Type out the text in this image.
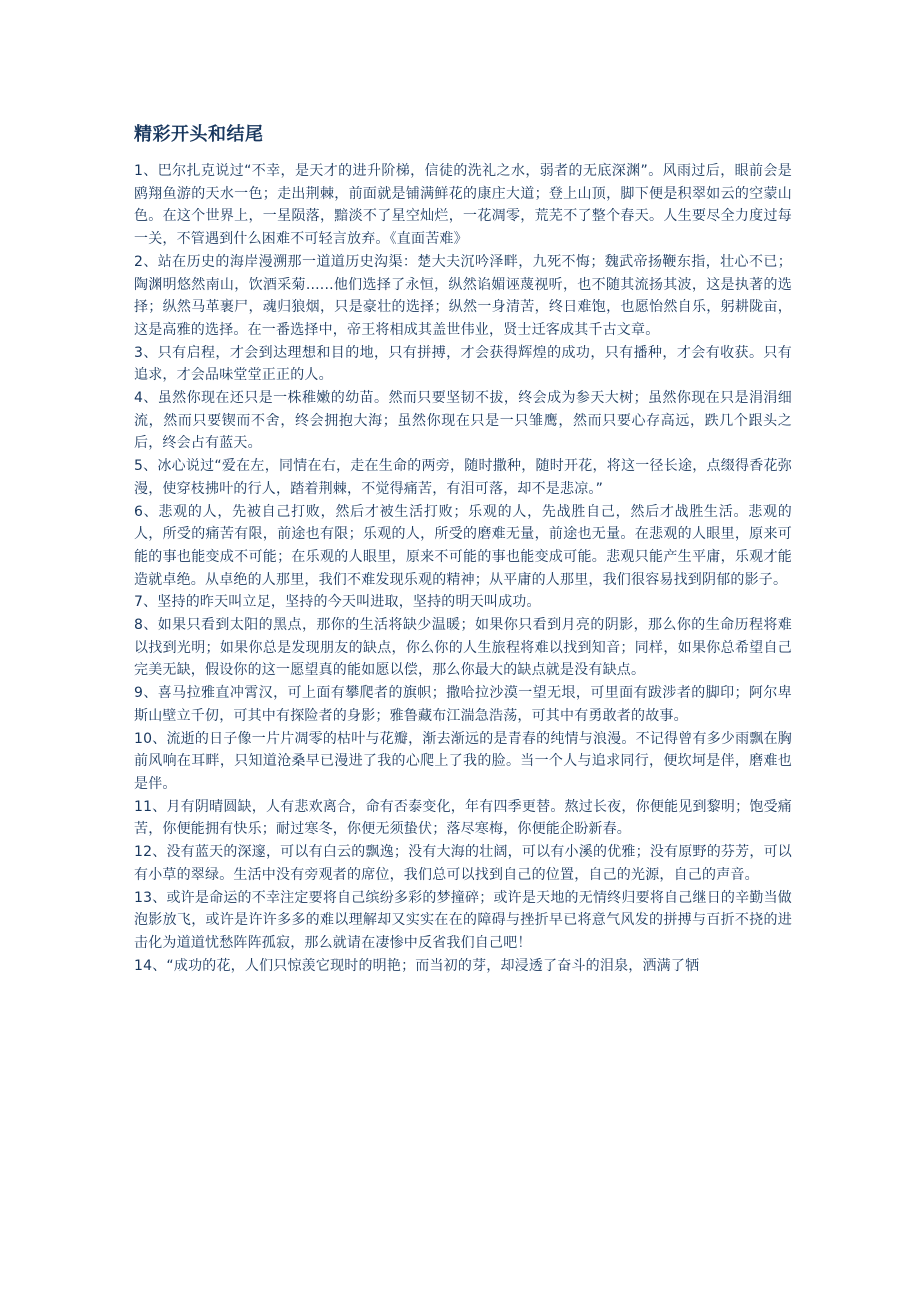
精彩开头和结尾

1、巴尔扎克说过“不幸，是天才的进升阶梯，信徒的洗礼之水，弱者的无底深渊”。风雨过后，眼前会是鸥翔鱼游的天水一色；走出荆棘，前面就是铺满鲜花的康庄大道；登上山顶，脚下便是积翠如云的空蒙山色。在这个世界上，一星陨落，黯淡不了星空灿烂，一花凋零，荒芜不了整个春天。人生要尽全力度过每一关，不管遇到什么困难不可轻言放弃。《直面苦难》

2、站在历史的海岸漫溯那一道道历史沟渠：楚大夫沉吟泽畔，九死不悔；魏武帝扬鞭东指，壮心不已；陶渊明悠然南山，饮酒采菊......他们选择了永恒，纵然谄媚诬蔑视听，也不随其流扬其波，这是执著的选择；纵然马革裹尸，魂归狼烟，只是豪壮的选择；纵然一身清苦，终日难饱，也愿怡然自乐，躬耕陇亩，这是高雅的选择。在一番选择中，帝王将相成其盖世伟业，贤士迁客成其千古文章。

3、只有启程，才会到达理想和目的地，只有拼搏，才会获得辉煌的成功，只有播种，才会有收获。只有追求，才会品味堂堂正正的人。

4、虽然你现在还只是一株稚嫩的幼苗。然而只要坚韧不拔，终会成为参天大树；虽然你现在只是涓涓细流，然而只要锲而不舍，终会拥抱大海；虽然你现在只是一只雏鹰，然而只要心存高远，跌几个跟头之后，终会占有蓝天。

5、冰心说过“爱在左，同情在右，走在生命的两旁，随时撒种，随时开花，将这一径长途，点缀得香花弥漫，使穿枝拂叶的行人，踏着荆棘，不觉得痛苦，有泪可落，却不是悲凉。”

6、悲观的人，先被自己打败，然后才被生活打败；乐观的人，先战胜自己，然后才战胜生活。悲观的人，所受的痛苦有限，前途也有限；乐观的人，所受的磨难无量，前途也无量。在悲观的人眼里，原来可能的事也能变成不可能；在乐观的人眼里，原来不可能的事也能变成可能。悲观只能产生平庸，乐观才能造就卓绝。从卓绝的人那里，我们不难发现乐观的精神；从平庸的人那里，我们很容易找到阴郁的影子。

7、坚持的昨天叫立足，坚持的今天叫进取，坚持的明天叫成功。

8、如果只看到太阳的黑点，那你的生活将缺少温暖；如果你只看到月亮的阴影，那么你的生命历程将难以找到光明；如果你总是发现朋友的缺点，你么你的人生旅程将难以找到知音；同样，如果你总希望自己完美无缺，假设你的这一愿望真的能如愿以偿，那么你最大的缺点就是没有缺点。

9、喜马拉雅直冲霄汉，可上面有攀爬者的旗帜；撒哈拉沙漠一望无垠，可里面有跋涉者的脚印；阿尔卑斯山壁立千仞，可其中有探险者的身影；雅鲁藏布江湍急浩荡，可其中有勇敢者的故事。

10、流逝的日子像一片片凋零的枯叶与花瓣，渐去渐远的是青春的纯情与浪漫。不记得曾有多少雨飘在胸前风响在耳畔，只知道沧桑早已漫进了我的心爬上了我的脸。当一个人与追求同行，便坎坷是伴，磨难也是伴。

11、月有阴晴圆缺，人有悲欢离合，命有否泰变化，年有四季更替。熬过长夜，你便能见到黎明；饱受痛苦，你便能拥有快乐；耐过寒冬，你便无须蛰伏；落尽寒梅，你便能企盼新春。

12、没有蓝天的深邃，可以有白云的飘逸；没有大海的壮阔，可以有小溪的优雅；没有原野的芬芳，可以有小草的翠绿。生活中没有旁观者的席位，我们总可以找到自己的位置，自己的光源，自己的声音。

13、或许是命运的不幸注定要将自己缤纷多彩的梦撞碎；或许是天地的无情终归要将自己继日的辛勤当做泡影放飞，或许是许许多多的难以理解却又实实在在的障碍与挫折早已将意气风发的拼搏与百折不挠的进击化为道道忧愁阵阵孤寂，那么就请在凄惨中反省我们自己吧！

14、“成功的花，人们只惊羡它现时的明艳；而当初的芽，却浸透了奋斗的泪泉，洒满了牺
